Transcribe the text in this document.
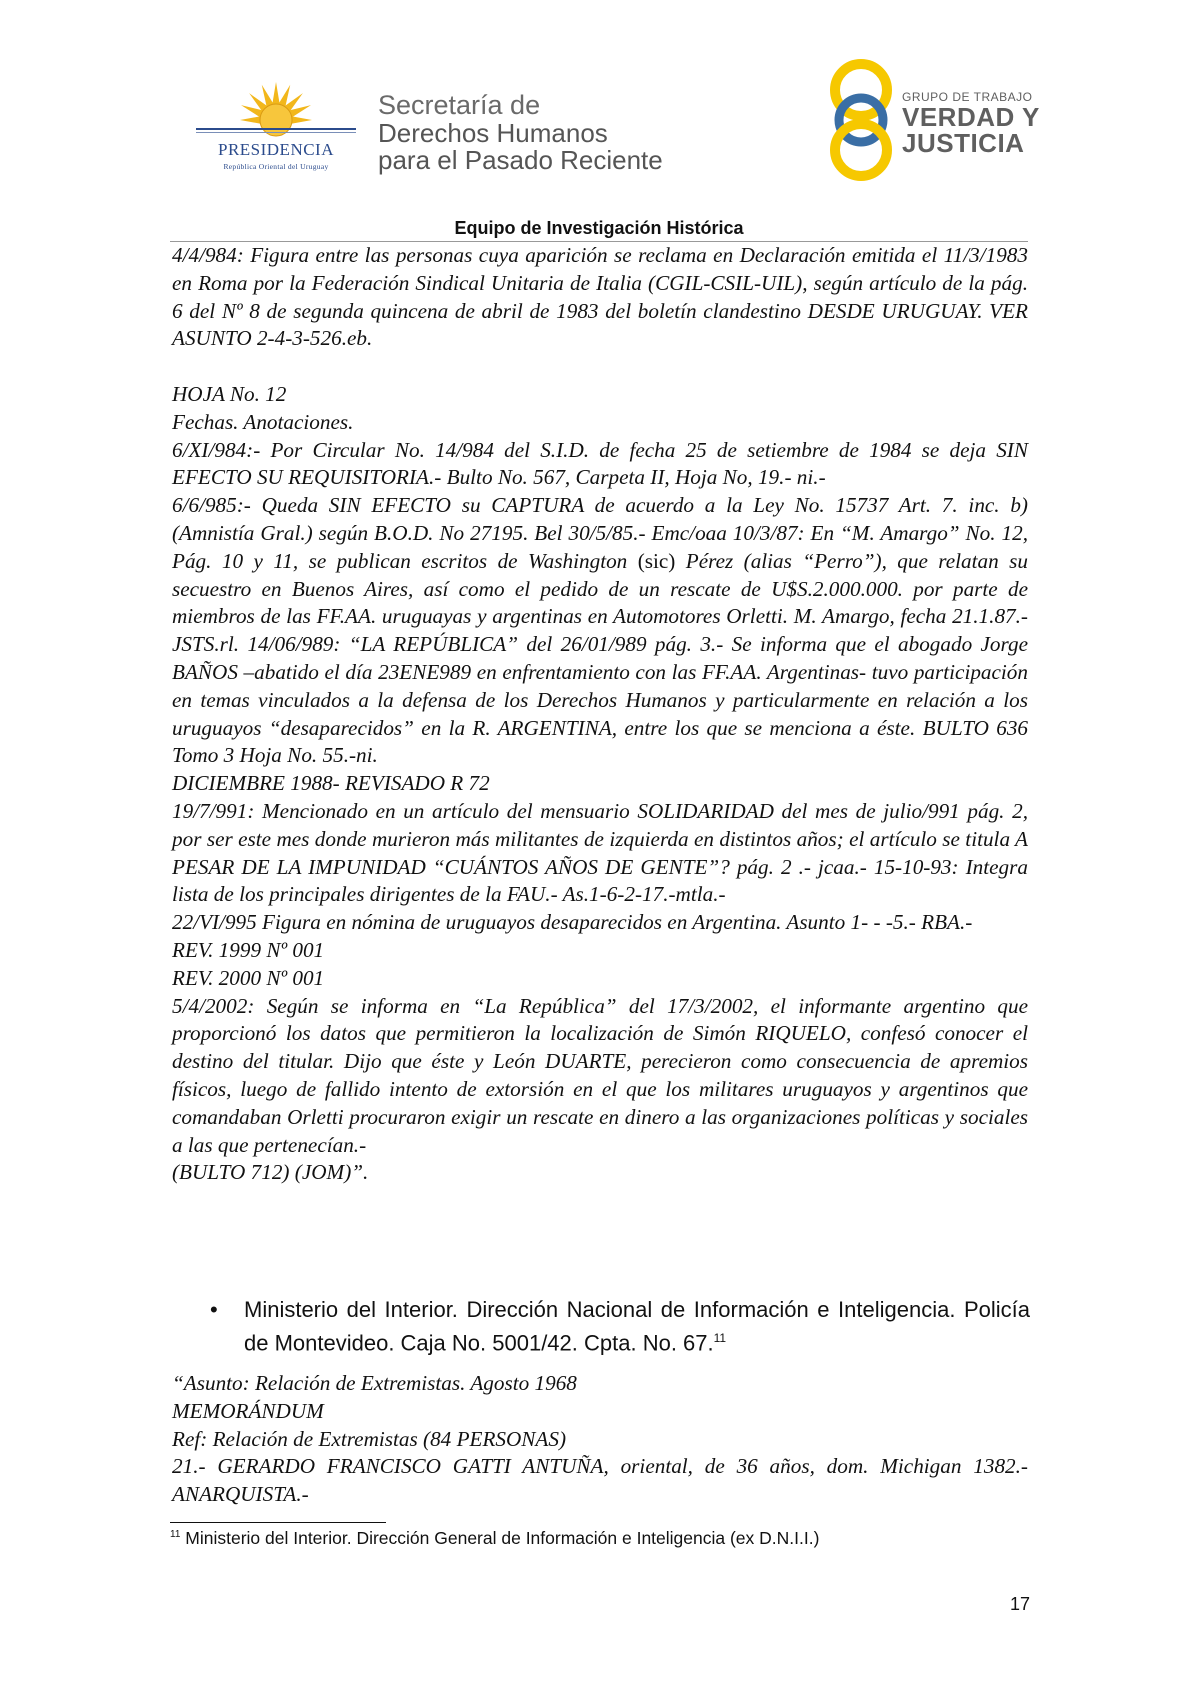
PRESIDENCIA
República Oriental del Uruguay
Secretaría de
Derechos Humanos
para el Pasado Reciente
GRUPO DE TRABAJO
VERDAD Y
JUSTICIA
Equipo de Investigación Histórica

4/4/984: Figura entre las personas cuya aparición se reclama en Declaración emitida el 11/3/1983 en Roma por la Federación Sindical Unitaria de Italia (CGIL-CSIL-UIL), según artículo de la pág. 6 del Nº 8 de segunda quincena de abril de 1983 del boletín clandestino DESDE URUGUAY. VER ASUNTO 2-4-3-526.eb.

HOJA No. 12

Fechas. Anotaciones.

6/XI/984:- Por Circular No. 14/984 del S.I.D. de fecha 25 de setiembre de 1984 se deja SIN EFECTO SU REQUISITORIA.- Bulto No. 567, Carpeta II, Hoja No, 19.- ni.-

6/6/985:- Queda SIN EFECTO su CAPTURA de acuerdo a la Ley No. 15737 Art. 7. inc. b) (Amnistía Gral.) según B.O.D. No 27195. Bel 30/5/85.- Emc/oaa 10/3/87: En “M. Amargo” No. 12, Pág. 10 y 11, se publican escritos de Washington (sic) Pérez (alias “Perro”), que relatan su secuestro en Buenos Aires, así como el pedido de un rescate de U$S.2.000.000. por parte de miembros de las FF.AA. uruguayas y argentinas en Automotores Orletti. M. Amargo, fecha 21.1.87.-JSTS.rl. 14/06/989: “LA REPÚBLICA” del 26/01/989 pág. 3.- Se informa que el abogado Jorge BAÑOS –abatido el día 23ENE989 en enfrentamiento con las FF.AA. Argentinas- tuvo participación en temas vinculados a la defensa de los Derechos Humanos y particularmente en relación a los uruguayos “desaparecidos” en la R. ARGENTINA, entre los que se menciona a éste. BULTO 636 Tomo 3 Hoja No. 55.-ni.

DICIEMBRE 1988- REVISADO R 72

19/7/991: Mencionado en un artículo del mensuario SOLIDARIDAD del mes de julio/991 pág. 2, por ser este mes donde murieron más militantes de izquierda en distintos años; el artículo se titula A PESAR DE LA IMPUNIDAD “CUÁNTOS AÑOS DE GENTE”? pág. 2 .- jcaa.- 15-10-93: Integra lista de los principales dirigentes de la FAU.- As.1-6-2-17.-mtla.-

22/VI/995 Figura en nómina de uruguayos desaparecidos en Argentina. Asunto 1- - -5.- RBA.-

REV. 1999 Nº 001

REV. 2000 Nº 001

5/4/2002: Según se informa en “La República” del 17/3/2002, el informante argentino que proporcionó los datos que permitieron la localización de Simón RIQUELO, confesó conocer el destino del titular. Dijo que éste y León DUARTE, perecieron como consecuencia de apremios físicos, luego de fallido intento de extorsión en el que los militares uruguayos y argentinos que comandaban Orletti procuraron exigir un rescate en dinero a las organizaciones políticas y sociales a las que pertenecían.-

(BULTO 712) (JOM)”.

• Ministerio del Interior. Dirección Nacional de Información e Inteligencia. Policía de Montevideo. Caja No. 5001/42. Cpta. No. 67.11

“Asunto: Relación de Extremistas. Agosto 1968

MEMORÁNDUM

Ref: Relación de Extremistas (84 PERSONAS)

21.- GERARDO FRANCISCO GATTI ANTUÑA, oriental, de 36 años, dom. Michigan 1382.- ANARQUISTA.-

$^{11}$ Ministerio del Interior. Dirección General de Información e Inteligencia (ex D.N.I.I.)
17
